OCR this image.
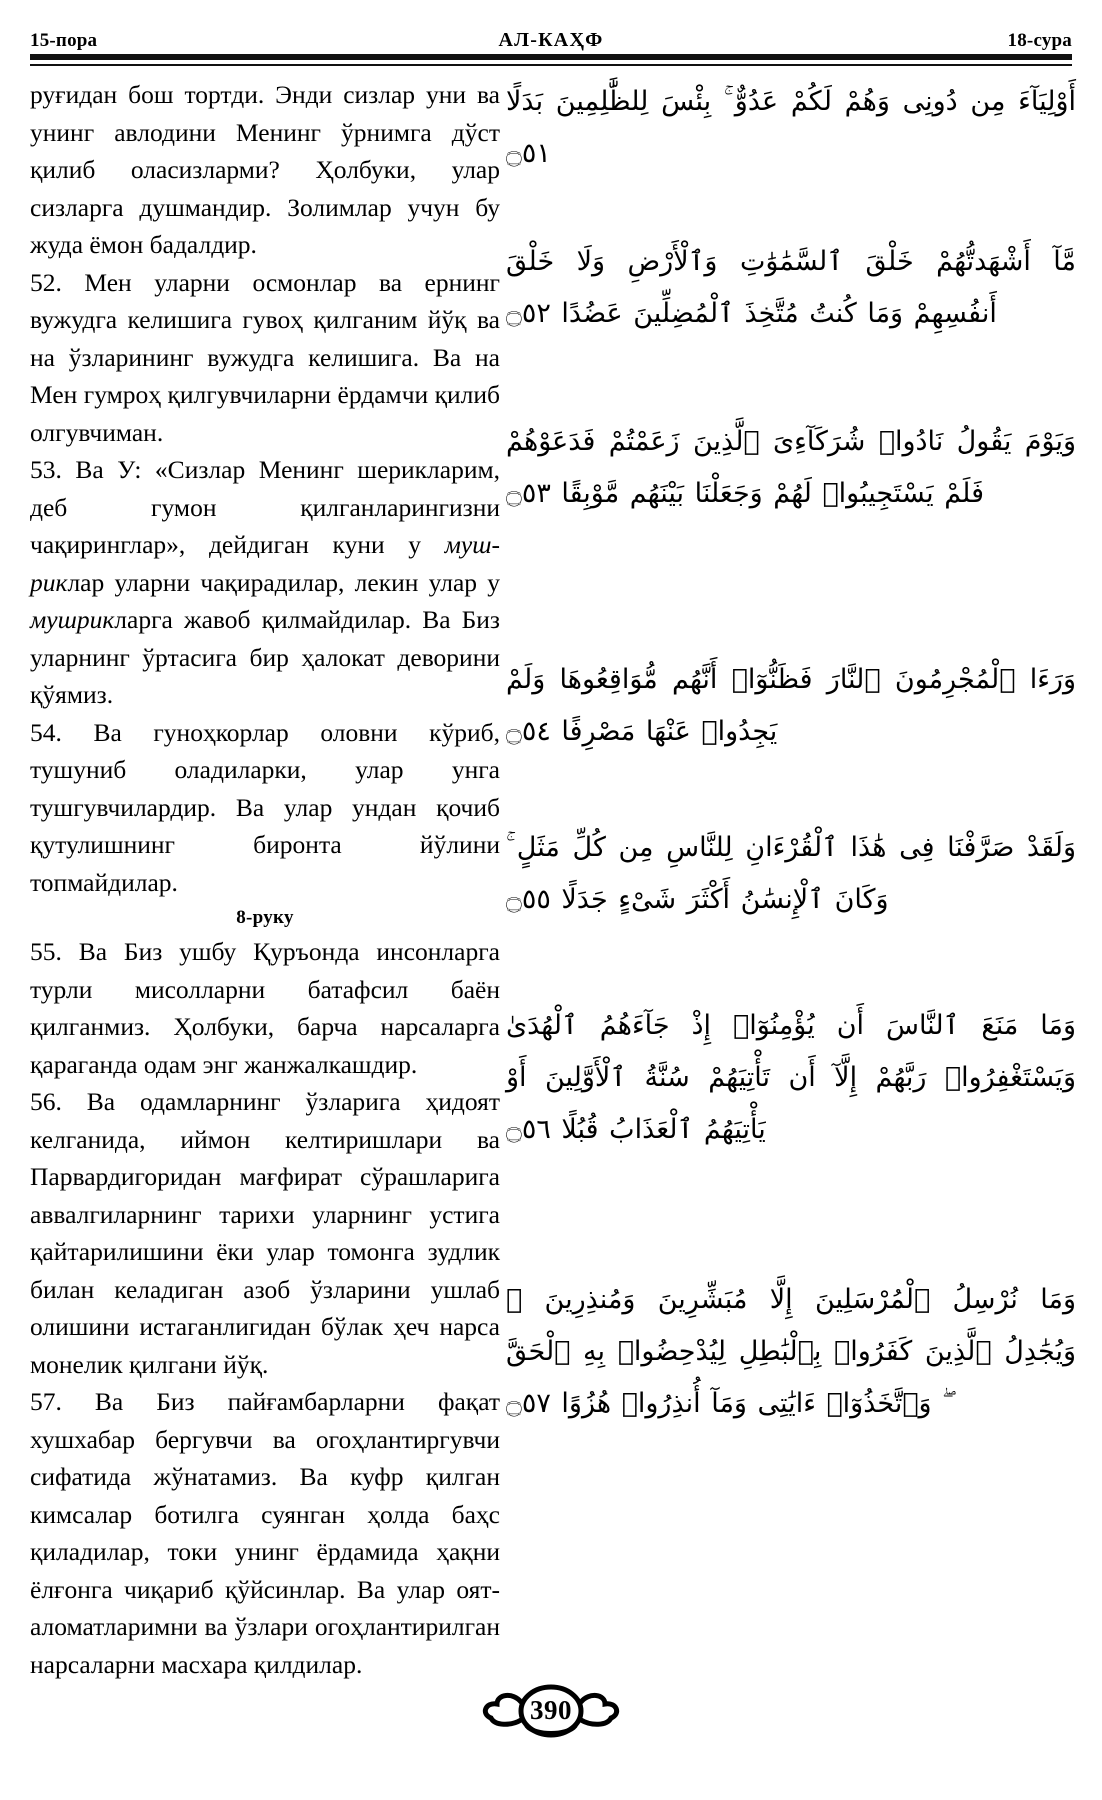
15-пора	АЛ-КАҲФ	18-сура

руғидан бош тортди. Энди сизлар уни ва унинг авлодини Менинг ўрнимга дўст қилиб оласизларми? Ҳолбуки, улар сизларга душмандир. Золимлар учун бу жуда ёмон бадалдир.

52. Мен уларни осмонлар ва ернинг вужудга келишига гувоҳ қилганим йўқ ва на ўзларининг вужудга келишига. Ва на Мен гумроҳ қилгувчиларни ёрдамчи қилиб олгувчиман.

53. Ва У: «Сизлар Менинг шерикларим, деб гумон қилганларингизни чақиринглар», дейдиган куни у муш-риклар уларни чақирадилар, лекин улар у мушрикларга жавоб қилмайдилар. Ва Биз уларнинг ўртасига бир ҳалокат деворини қўямиз.

54. Ва гуноҳкорлар оловни кўриб, тушуниб оладиларки, улар унга тушгувчилардир. Ва улар ундан қочиб қутулишнинг биронта йўлини топмайдилар.

8-руку

55. Ва Биз ушбу Қуръонда инсонларга турли мисолларни батафсил баён қилганмиз. Ҳолбуки, барча нарсаларга қараганда одам энг жанжалкашдир.

56. Ва одамларнинг ўзларига ҳидоят келганида, иймон келтиришлари ва Парвардигоридан мағфират сўрашларига аввалгиларнинг тарихи уларнинг устига қайтарилишини ёки улар томонга зудлик билан келадиган азоб ўзларини ушлаб олишини истаганлигидан бўлак ҳеч нарса монелик қилгани йўқ.

57. Ва Биз пайғамбарларни фақат хушхабар бергувчи ва огоҳлантиргувчи сифатида жўнатамиз. Ва куфр қилган кимсалар ботилга суянган ҳолда баҳс қиладилар, токи унинг ёрдамида ҳақни ёлғонга чиқариб қўйсинлар. Ва улар оят-аломатларимни ва ўзлари огоҳлантирилган нарсаларни масхара қилдилар.

أَوْلِيَآءَ مِن دُونِى وَهُمْ لَكُمْ عَدُوٌّ ۚ بِئْسَ لِلظَّٰلِمِينَ بَدَلًا ۝٥١
مَّآ أَشْهَدتُّهُمْ خَلْقَ ٱلسَّمَٰوَٰتِ وَٱلْأَرْضِ وَلَا خَلْقَ أَنفُسِهِمْ وَمَا كُنتُ مُتَّخِذَ ٱلْمُضِلِّينَ عَضُدًا ۝٥٢
وَيَوْمَ يَقُولُ نَادُوا۟ شُرَكَآءِىَ ٱلَّذِينَ زَعَمْتُمْ فَدَعَوْهُمْ فَلَمْ يَسْتَجِيبُوا۟ لَهُمْ وَجَعَلْنَا بَيْنَهُم مَّوْبِقًا ۝٥٣
وَرَءَا ٱلْمُجْرِمُونَ ٱلنَّارَ فَظَنُّوٓا۟ أَنَّهُم مُّوَاقِعُوهَا وَلَمْ يَجِدُوا۟ عَنْهَا مَصْرِفًا ۝٥٤
وَلَقَدْ صَرَّفْنَا فِى هَٰذَا ٱلْقُرْءَانِ لِلنَّاسِ مِن كُلِّ مَثَلٍ ۚ وَكَانَ ٱلْإِنسَٰنُ أَكْثَرَ شَىْءٍ جَدَلًا ۝٥٥
وَمَا مَنَعَ ٱلنَّاسَ أَن يُؤْمِنُوٓا۟ إِذْ جَآءَهُمُ ٱلْهُدَىٰ وَيَسْتَغْفِرُوا۟ رَبَّهُمْ إِلَّآ أَن تَأْتِيَهُمْ سُنَّةُ ٱلْأَوَّلِينَ أَوْ يَأْتِيَهُمُ ٱلْعَذَابُ قُبُلًا ۝٥٦
وَمَا نُرْسِلُ ٱلْمُرْسَلِينَ إِلَّا مُبَشِّرِينَ وَمُنذِرِينَ ۚ وَيُجَٰدِلُ ٱلَّذِينَ كَفَرُوا۟ بِٱلْبَٰطِلِ لِيُدْحِضُوا۟ بِهِ ٱلْحَقَّ ۖ وَٱتَّخَذُوٓا۟ ءَايَٰتِى وَمَآ أُنذِرُوا۟ هُزُوًا ۝٥٧
390
